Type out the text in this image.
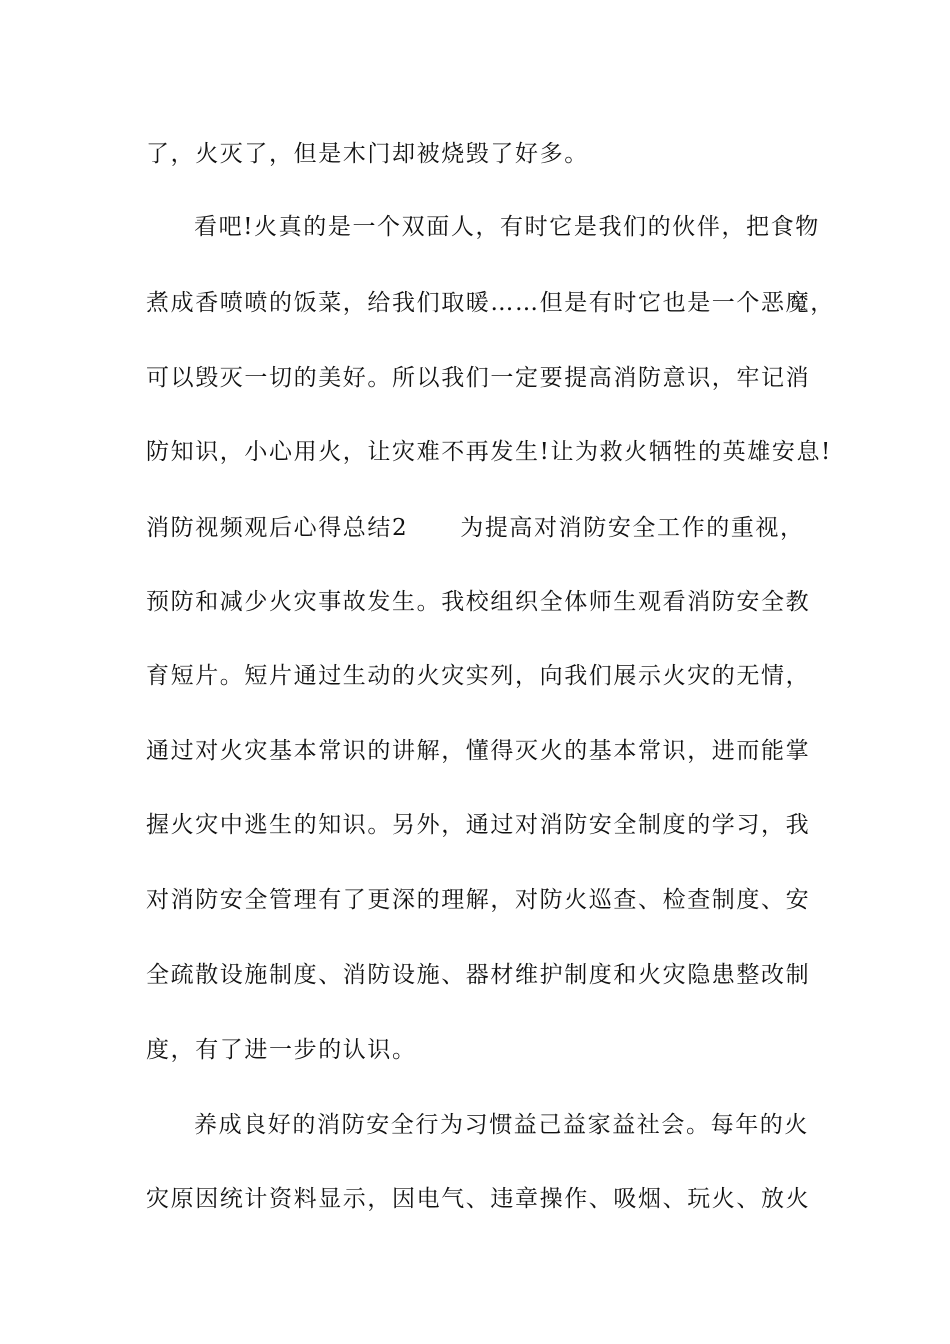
了，火灭了，但是木门却被烧毁了好多。
看吧!火真的是一个双面人，有时它是我们的伙伴，把食物
煮成香喷喷的饭菜，给我们取暖……但是有时它也是一个恶魔，
可以毁灭一切的美好。所以我们一定要提高消防意识，牢记消
防知识，小心用火，让灾难不再发生!让为救火牺牲的英雄安息!
消防视频观后心得总结2 为提高对消防安全工作的重视，
预防和减少火灾事故发生。我校组织全体师生观看消防安全教
育短片。短片通过生动的火灾实列，向我们展示火灾的无情，
通过对火灾基本常识的讲解，懂得灭火的基本常识，进而能掌
握火灾中逃生的知识。另外，通过对消防安全制度的学习，我
对消防安全管理有了更深的理解，对防火巡查、检查制度、安
全疏散设施制度、消防设施、器材维护制度和火灾隐患整改制
度，有了进一步的认识。
养成良好的消防安全行为习惯益己益家益社会。每年的火
灾原因统计资料显示，因电气、违章操作、吸烟、玩火、放火
